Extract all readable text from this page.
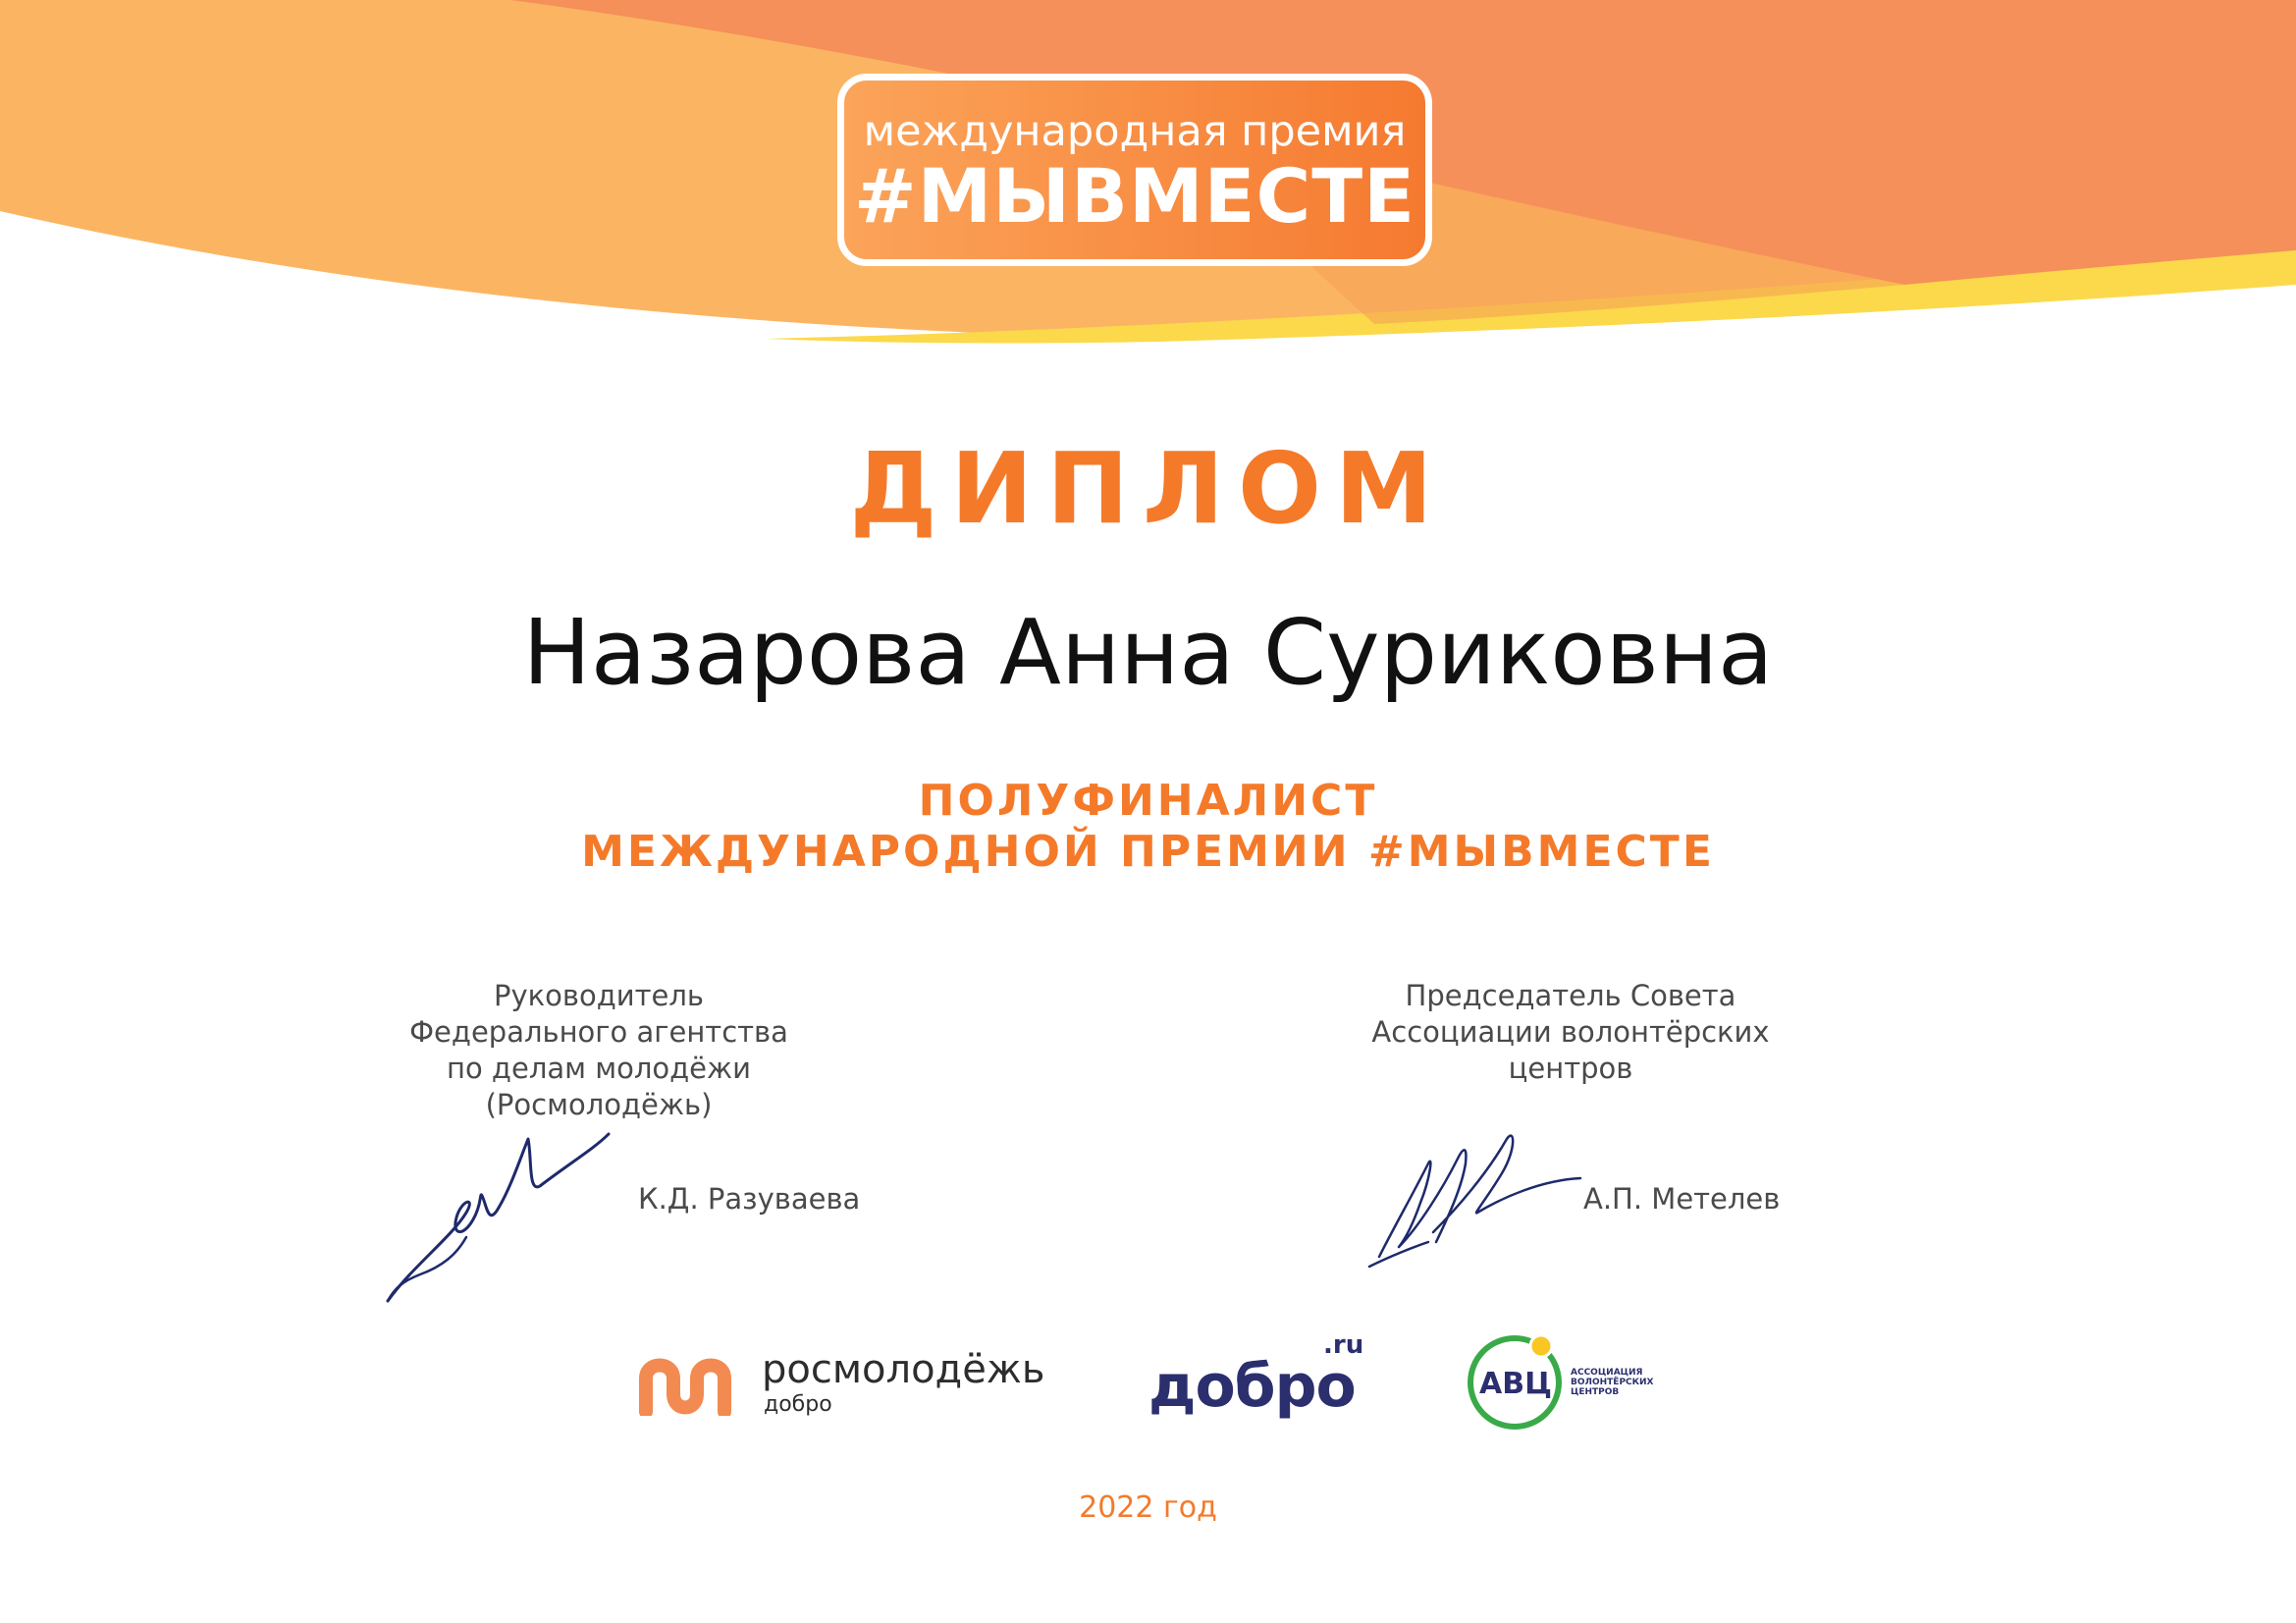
международная премия
#МЫВМЕСТЕ
ДИПЛОМ
Назарова Анна Суриковна
ПОЛУФИНАЛИСТ
МЕЖДУНАРОДНОЙ ПРЕМИИ #МЫВМЕСТЕ
Руководитель
Федерального агентства
по делам молодёжи
(Росмолодёжь)
К.Д. Разуваева
Председатель Совета
Ассоциации волонтёрских
центров
А.П. Метелев
росмолодёжь
добро	добро
.ru
АВЦ	АССОЦИАЦИЯ
ВОЛОНТЁРСКИХ
ЦЕНТРОВ
2022 год
